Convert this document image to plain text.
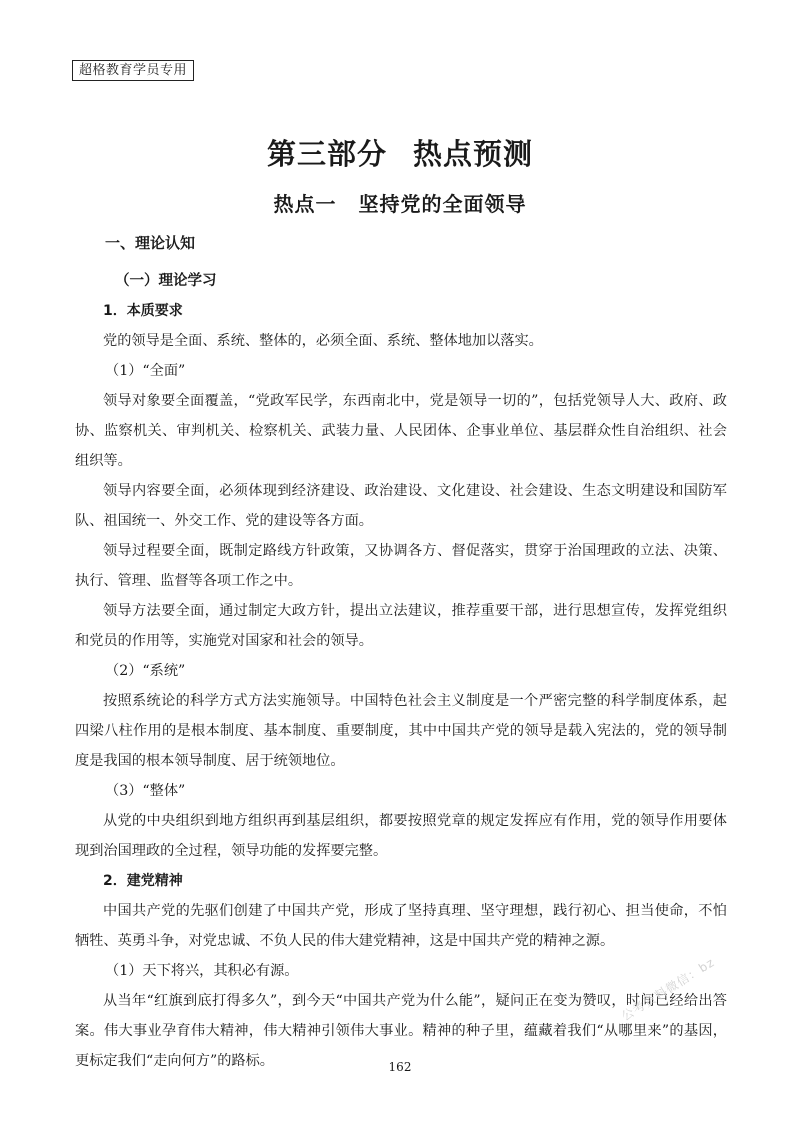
超格教育学员专用
第三部分 热点预测
热点一 坚持党的全面领导

一、理论认知

（一）理论学习

1．本质要求

党的领导是全面、系统、整体的，必须全面、系统、整体地加以落实。

（1）“全面”

领导对象要全面覆盖，“党政军民学，东西南北中，党是领导一切的”，包括党领导人大、政府、政协、监察机关、审判机关、检察机关、武装力量、人民团体、企事业单位、基层群众性自治组织、社会组织等。

领导内容要全面，必须体现到经济建设、政治建设、文化建设、社会建设、生态文明建设和国防军队、祖国统一、外交工作、党的建设等各方面。

领导过程要全面，既制定路线方针政策，又协调各方、督促落实，贯穿于治国理政的立法、决策、执行、管理、监督等各项工作之中。

领导方法要全面，通过制定大政方针，提出立法建议，推荐重要干部，进行思想宣传，发挥党组织和党员的作用等，实施党对国家和社会的领导。

（2）“系统”

按照系统论的科学方式方法实施领导。中国特色社会主义制度是一个严密完整的科学制度体系，起四梁八柱作用的是根本制度、基本制度、重要制度，其中中国共产党的领导是载入宪法的，党的领导制度是我国的根本领导制度、居于统领地位。

（3）“整体”

从党的中央组织到地方组织再到基层组织，都要按照党章的规定发挥应有作用，党的领导作用要体现到治国理政的全过程，领导功能的发挥要完整。

2．建党精神

中国共产党的先驱们创建了中国共产党，形成了坚持真理、坚守理想，践行初心、担当使命，不怕牺牲、英勇斗争，对党忠诚、不负人民的伟大建党精神，这是中国共产党的精神之源。

（1）天下将兴，其积必有源。

从当年“红旗到底打得多久”，到今天“中国共产党为什么能”，疑问正在变为赞叹，时间已经给出答案。伟大事业孕育伟大精神，伟大精神引领伟大事业。精神的种子里，蕴藏着我们“从哪里来”的基因，更标定我们“走向何方”的路标。

公考资料微信：bz
162
